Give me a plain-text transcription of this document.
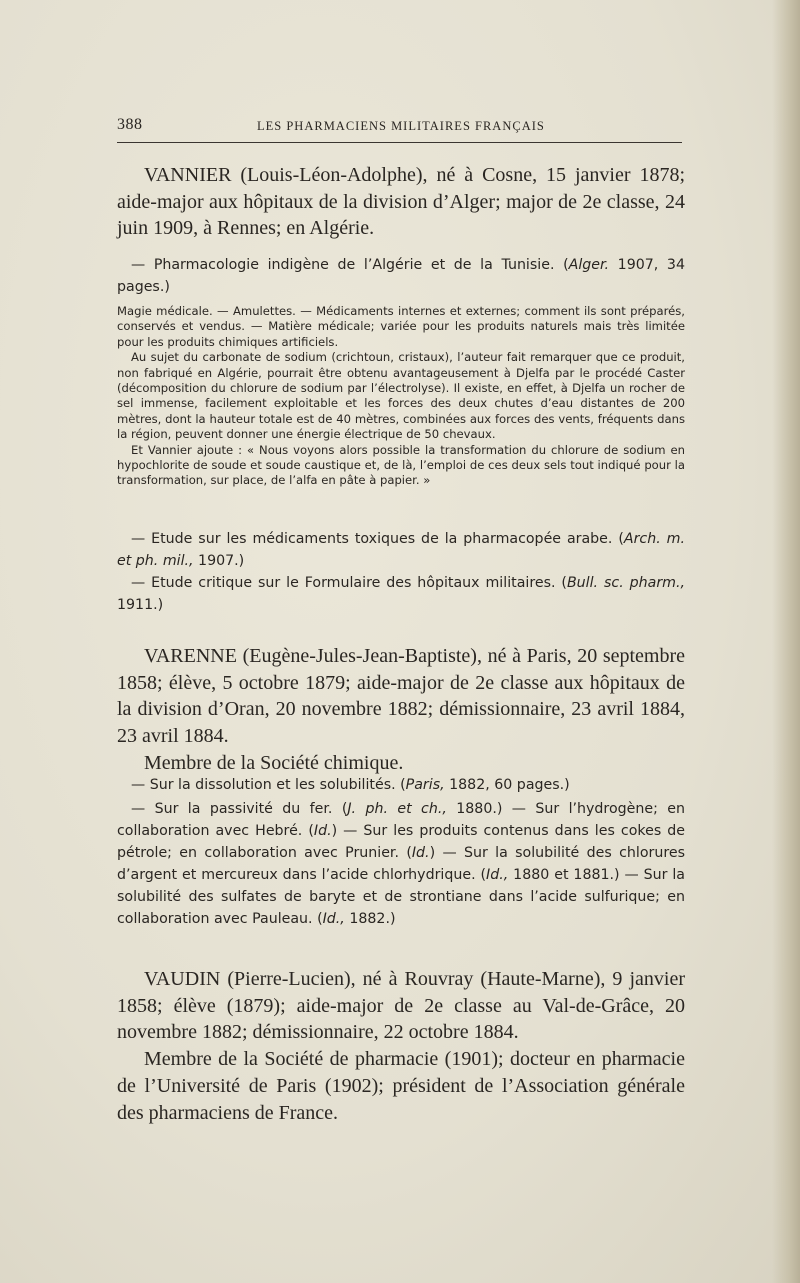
388	LES PHARMACIENS MILITAIRES FRANÇAIS

VANNIER (Louis-Léon-Adolphe), né à Cosne, 15 janvier 1878; aide-major aux hôpitaux de la division d’Alger; major de 2e classe, 24 juin 1909, à Rennes; en Algérie.

— Pharmacologie indigène de l’Algérie et de la Tunisie. (Alger. 1907, 34 pages.)

Magie médicale. — Amulettes. — Médicaments internes et externes; comment ils sont préparés, conservés et vendus. — Matière médicale; variée pour les produits naturels mais très limitée pour les produits chimiques artificiels.

Au sujet du carbonate de sodium (crichtoun, cristaux), l’auteur fait remarquer que ce produit, non fabriqué en Algérie, pourrait être obtenu avantageusement à Djelfa par le procédé Caster (décomposition du chlorure de sodium par l’électrolyse). Il existe, en effet, à Djelfa un rocher de sel immense, facilement exploitable et les forces des deux chutes d’eau distantes de 200 mètres, dont la hauteur totale est de 40 mètres, combinées aux forces des vents, fréquents dans la région, peuvent donner une énergie électrique de 50 chevaux.

Et Vannier ajoute : « Nous voyons alors possible la transformation du chlorure de sodium en hypochlorite de soude et soude caustique et, de là, l’emploi de ces deux sels tout indiqué pour la transformation, sur place, de l’alfa en pâte à papier. »

— Etude sur les médicaments toxiques de la pharmacopée arabe. (Arch. m. et ph. mil., 1907.)

— Etude critique sur le Formulaire des hôpitaux militaires. (Bull. sc. pharm., 1911.)

VARENNE (Eugène-Jules-Jean-Baptiste), né à Paris, 20 septembre 1858; élève, 5 octobre 1879; aide-major de 2e classe aux hôpitaux de la division d’Oran, 20 novembre 1882; démissionnaire, 23 avril 1884, 23 avril 1884.
Membre de la Société chimique.

— Sur la dissolution et les solubilités. (Paris, 1882, 60 pages.)

— Sur la passivité du fer. (J. ph. et ch., 1880.) — Sur l’hydrogène; en collaboration avec Hebré. (Id.) — Sur les produits contenus dans les cokes de pétrole; en collaboration avec Prunier. (Id.) — Sur la solubilité des chlorures d’argent et mercureux dans l’acide chlorhydrique. (Id., 1880 et 1881.) — Sur la solubilité des sulfates de baryte et de strontiane dans l’acide sulfurique; en collaboration avec Pauleau. (Id., 1882.)

VAUDIN (Pierre-Lucien), né à Rouvray (Haute-Marne), 9 janvier 1858; élève (1879); aide-major de 2e classe au Val-de-Grâce, 20 novembre 1882; démissionnaire, 22 octobre 1884.
Membre de la Société de pharmacie (1901); docteur en pharmacie de l’Université de Paris (1902); président de l’Association générale des pharmaciens de France.
